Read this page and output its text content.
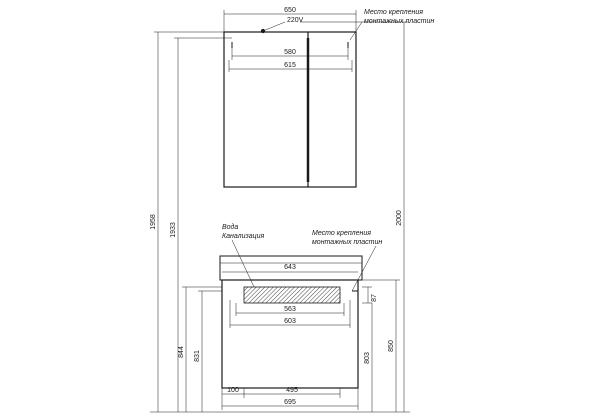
650
220V
Место крепления
монтажных пластин
580
615
Вода
Канализация	Место крепления
монтажных пластин
643
563
603
87
100	495
695
1958
1933
2000
844 831
850
803
